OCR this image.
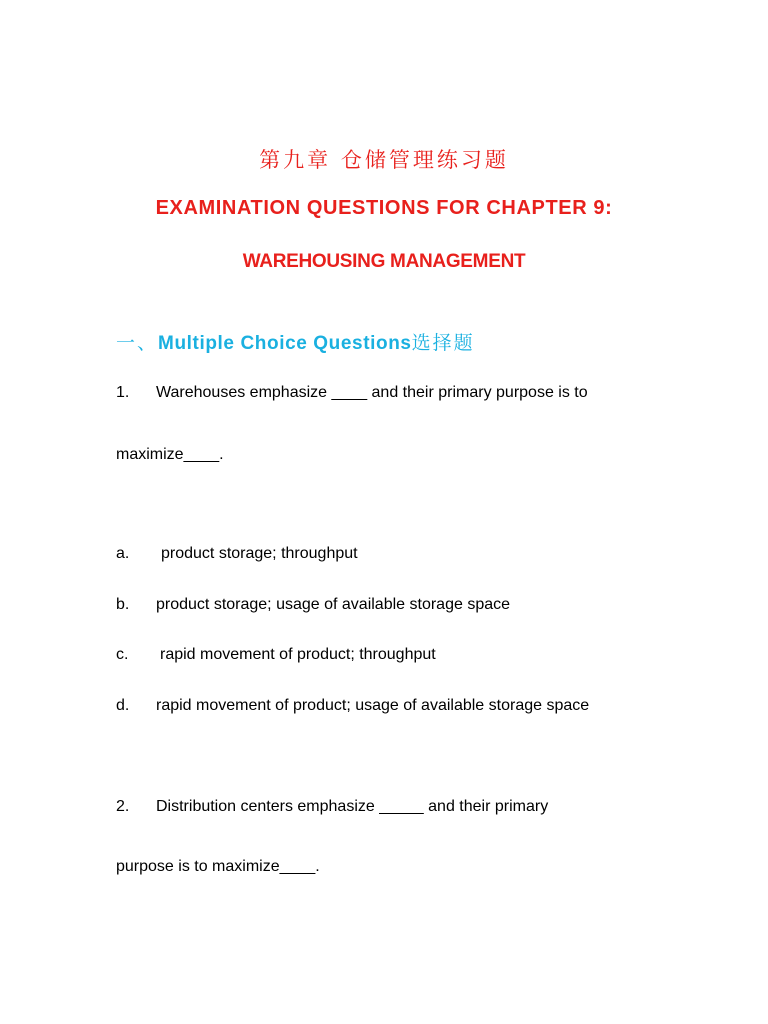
第九章 仓储管理练习题
EXAMINATION QUESTIONS FOR CHAPTER 9:
WAREHOUSING MANAGEMENT
一、Multiple Choice Questions选择题
1. Warehouses emphasize ____ and their primary purpose is to
maximize____.
a. product storage; throughput
b. product storage; usage of available storage space
c. rapid movement of product; throughput
d. rapid movement of product; usage of available storage space
2. Distribution centers emphasize _____ and their primary
purpose is to maximize____.
